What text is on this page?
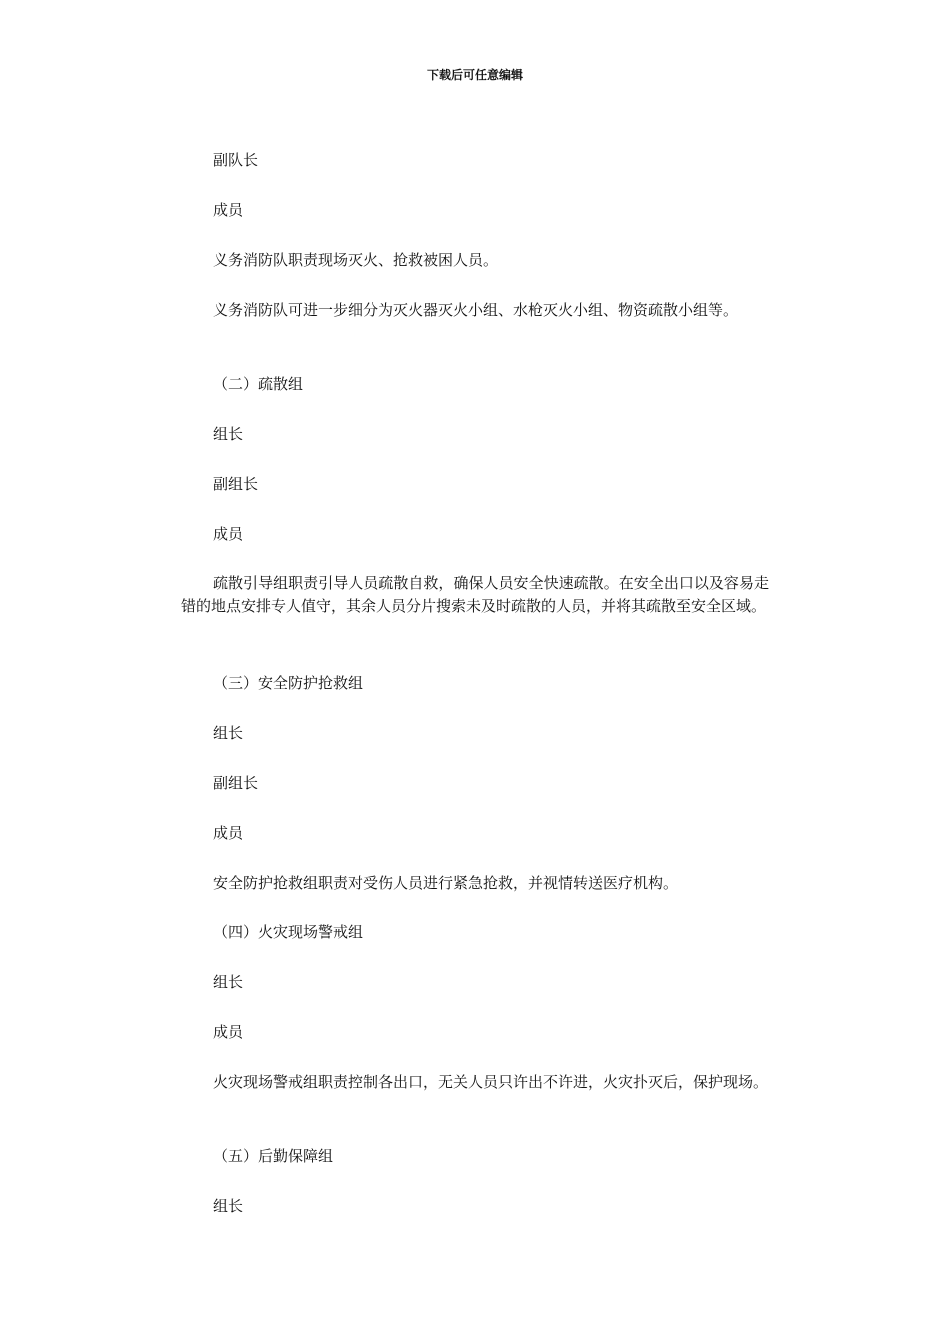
下载后可任意编辑

副队长

成员

义务消防队职责现场灭火、抢救被困人员。

义务消防队可进一步细分为灭火器灭火小组、水枪灭火小组、物资疏散小组等。

（二）疏散组

组长

副组长

成员

疏散引导组职责引导人员疏散自救，确保人员安全快速疏散。在安全出口以及容易走错的地点安排专人值守，其余人员分片搜索未及时疏散的人员，并将其疏散至安全区域。

（三）安全防护抢救组

组长

副组长

成员

安全防护抢救组职责对受伤人员进行紧急抢救，并视情转送医疗机构。

（四）火灾现场警戒组

组长

成员

火灾现场警戒组职责控制各出口，无关人员只许出不许进，火灾扑灭后，保护现场。

（五）后勤保障组

组长
